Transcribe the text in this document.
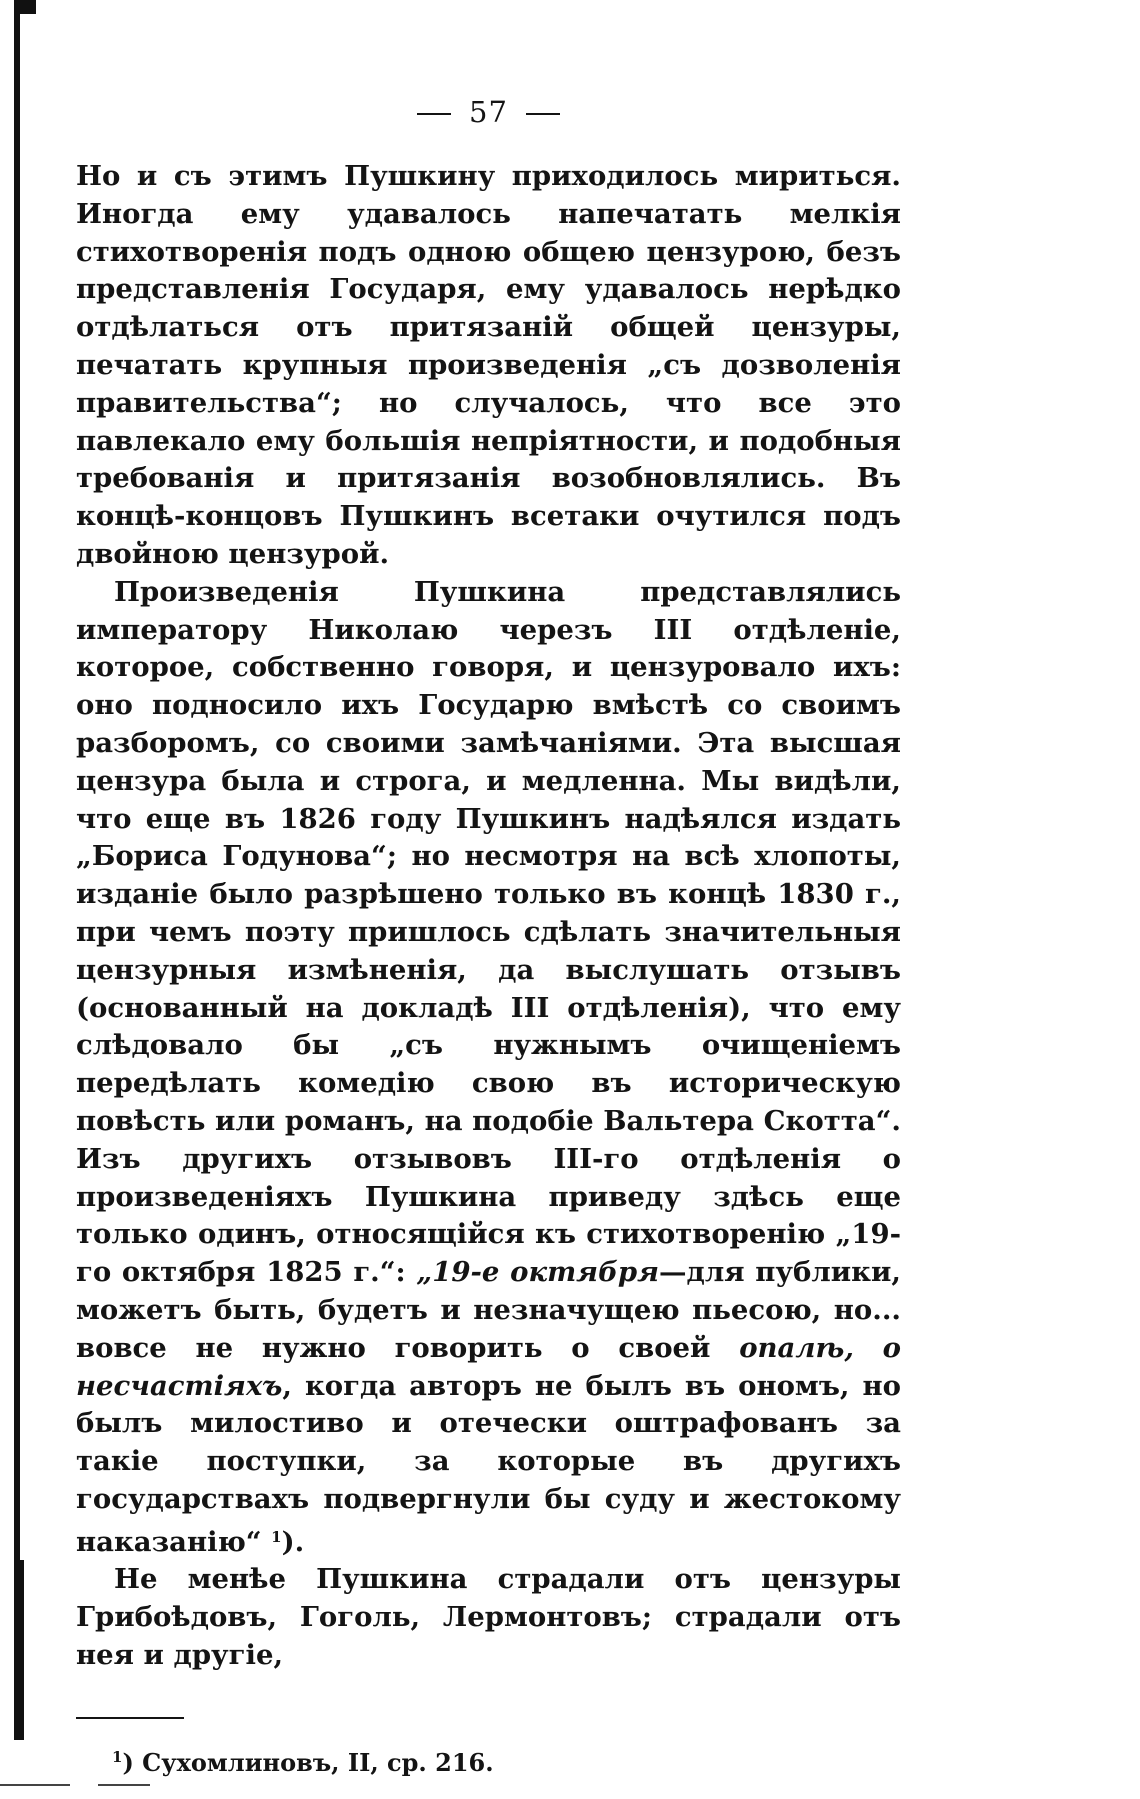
57

Но и съ этимъ Пушкину приходилось мириться. Иногда ему удавалось напечатать мелкія стихотворенія подъ одною общею цензурою, безъ представленія Государя, ему удавалось нерѣдко отдѣлаться отъ притязаній общей цензуры, печатать крупныя произведенія „съ дозволенія правительства“; но случалось, что все это павлекало ему большія непріятности, и подобныя требованія и притязанія возобновлялись. Въ концѣ-концовъ Пушкинъ всетаки очутился подъ двойною цензурой.

Произведенія Пушкина представлялись императору Николаю черезъ III отдѣленіе, которое, собственно говоря, и цензуровало ихъ: оно подносило ихъ Государю вмѣстѣ со своимъ разборомъ, со своими замѣчаніями. Эта высшая цензура была и строга, и медленна. Мы видѣли, что еще въ 1826 году Пушкинъ надѣялся издать „Бориса Годунова“; но несмотря на всѣ хлопоты, изданіе было разрѣшено только въ концѣ 1830 г., при чемъ поэту пришлось сдѣлать значительныя цензурныя измѣненія, да выслушать отзывъ (основанный на докладѣ III отдѣленія), что ему слѣдовало бы „съ нужнымъ очищеніемъ передѣлать комедію свою въ историческую повѣсть или романъ, на подобіе Вальтера Скотта“. Изъ другихъ отзывовъ III-го отдѣленія о произведеніяхъ Пушкина приведу здѣсь еще только одинъ, относящійся къ стихотворенію „19-го октября 1825 г.“: „19-е октября—для публики, можетъ быть, будетъ и незначущею пьесою, но... вовсе не нужно говорить о своей опалѣ, о несчастіяхъ, когда авторъ не былъ въ ономъ, но былъ милостиво и отечески оштрафованъ за такіе поступки, за которые въ другихъ государствахъ подвергнули бы суду и жестокому наказанію“ $^1$).

Не менѣе Пушкина страдали отъ цензуры Грибоѣдовъ, Гоголь, Лермонтовъ; страдали отъ нея и другіе,

$^1$) Сухомлиновъ, II, ср. 216.
